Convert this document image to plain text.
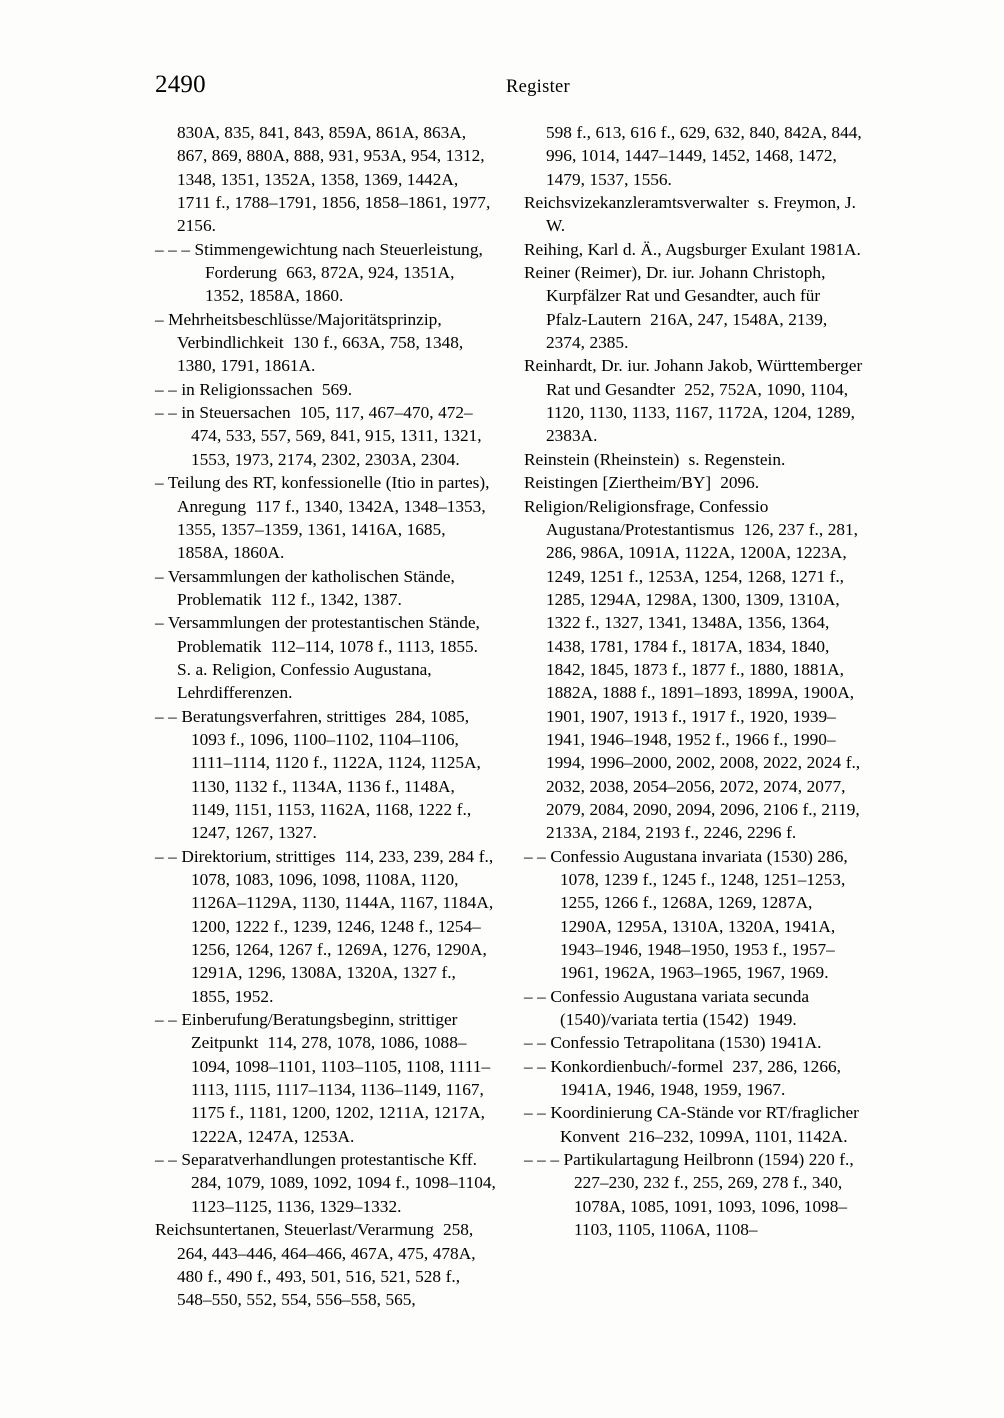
2490	Register

830A, 835, 841, 843, 859A, 861A, 863A, 867, 869, 880A, 888, 931, 953A, 954, 1312, 1348, 1351, 1352A, 1358, 1369, 1442A, 1711 f., 1788–1791, 1856, 1858–1861, 1977, 2156.

– – – Stimmengewichtung nach Steuerleistung, Forderung  663, 872A, 924, 1351A, 1352, 1858A, 1860.

– Mehrheitsbeschlüsse/Majoritätsprinzip, Verbindlichkeit  130 f., 663A, 758, 1348, 1380, 1791, 1861A.

– – in Religionssachen  569.

– – in Steuersachen  105, 117, 467–470, 472–474, 533, 557, 569, 841, 915, 1311, 1321, 1553, 1973, 2174, 2302, 2303A, 2304.

– Teilung des RT, konfessionelle (Itio in partes), Anregung  117 f., 1340, 1342A, 1348–1353, 1355, 1357–1359, 1361, 1416A, 1685, 1858A, 1860A.

– Versammlungen der katholischen Stände, Problematik  112 f., 1342, 1387.

– Versammlungen der protestantischen Stände, Problematik  112–114, 1078 f., 1113, 1855.   S. a. Religion, Confessio Augustana, Lehrdifferenzen.

– – Beratungsverfahren, strittiges  284, 1085, 1093 f., 1096, 1100–1102, 1104–1106, 1111–1114, 1120 f., 1122A, 1124, 1125A, 1130, 1132 f., 1134A, 1136 f., 1148A, 1149, 1151, 1153, 1162A, 1168, 1222 f., 1247, 1267, 1327.

– – Direktorium, strittiges  114, 233, 239, 284 f., 1078, 1083, 1096, 1098, 1108A, 1120, 1126A–1129A, 1130, 1144A, 1167, 1184A, 1200, 1222 f., 1239, 1246, 1248 f., 1254–1256, 1264, 1267 f., 1269A, 1276, 1290A, 1291A, 1296, 1308A, 1320A, 1327 f., 1855, 1952.

– – Einberufung/Beratungsbeginn, strittiger Zeitpunkt  114, 278, 1078, 1086, 1088–1094, 1098–1101, 1103–1105, 1108, 1111–1113, 1115, 1117–1134, 1136–1149, 1167, 1175 f., 1181, 1200, 1202, 1211A, 1217A, 1222A, 1247A, 1253A.

– – Separatverhandlungen protestantische Kff.  284, 1079, 1089, 1092, 1094 f., 1098–1104, 1123–1125, 1136, 1329–1332.

Reichsuntertanen, Steuerlast/Verarmung  258, 264, 443–446, 464–466, 467A, 475, 478A, 480 f., 490 f., 493, 501, 516, 521, 528 f., 548–550, 552, 554, 556–558, 565,

598 f., 613, 616 f., 629, 632, 840, 842A, 844, 996, 1014, 1447–1449, 1452, 1468, 1472, 1479, 1537, 1556.

Reichsvizekanzleramtsverwalter  s. Freymon, J. W.

Reihing, Karl d. Ä., Augsburger Exulant 1981A.

Reiner (Reimer), Dr. iur. Johann Christoph, Kurpfälzer Rat und Gesandter, auch für Pfalz-Lautern  216A, 247, 1548A, 2139, 2374, 2385.

Reinhardt, Dr. iur. Johann Jakob, Württemberger Rat und Gesandter  252, 752A, 1090, 1104, 1120, 1130, 1133, 1167, 1172A, 1204, 1289, 2383A.

Reinstein (Rheinstein)  s. Regenstein.

Reistingen [Ziertheim/BY]  2096.

Religion/Religionsfrage, Confessio Augustana/Protestantismus  126, 237 f., 281, 286, 986A, 1091A, 1122A, 1200A, 1223A, 1249, 1251 f., 1253A, 1254, 1268, 1271 f., 1285, 1294A, 1298A, 1300, 1309, 1310A, 1322 f., 1327, 1341, 1348A, 1356, 1364, 1438, 1781, 1784 f., 1817A, 1834, 1840, 1842, 1845, 1873 f., 1877 f., 1880, 1881A, 1882A, 1888 f., 1891–1893, 1899A, 1900A, 1901, 1907, 1913 f., 1917 f., 1920, 1939–1941, 1946–1948, 1952 f., 1966 f., 1990–1994, 1996–2000, 2002, 2008, 2022, 2024 f., 2032, 2038, 2054–2056, 2072, 2074, 2077, 2079, 2084, 2090, 2094, 2096, 2106 f., 2119, 2133A, 2184, 2193 f., 2246, 2296 f.

– – Confessio Augustana invariata (1530) 286, 1078, 1239 f., 1245 f., 1248, 1251–1253, 1255, 1266 f., 1268A, 1269, 1287A, 1290A, 1295A, 1310A, 1320A, 1941A, 1943–1946, 1948–1950, 1953 f., 1957–1961, 1962A, 1963–1965, 1967, 1969.

– – Confessio Augustana variata secunda (1540)/variata tertia (1542)  1949.

– – Confessio Tetrapolitana (1530) 1941A.

– – Konkordienbuch/-formel  237, 286, 1266, 1941A, 1946, 1948, 1959, 1967.

– – Koordinierung CA-Stände vor RT/fraglicher Konvent  216–232, 1099A, 1101, 1142A.

– – – Partikulartagung Heilbronn (1594) 220 f., 227–230, 232 f., 255, 269, 278 f., 340, 1078A, 1085, 1091, 1093, 1096, 1098–1103, 1105, 1106A, 1108–
